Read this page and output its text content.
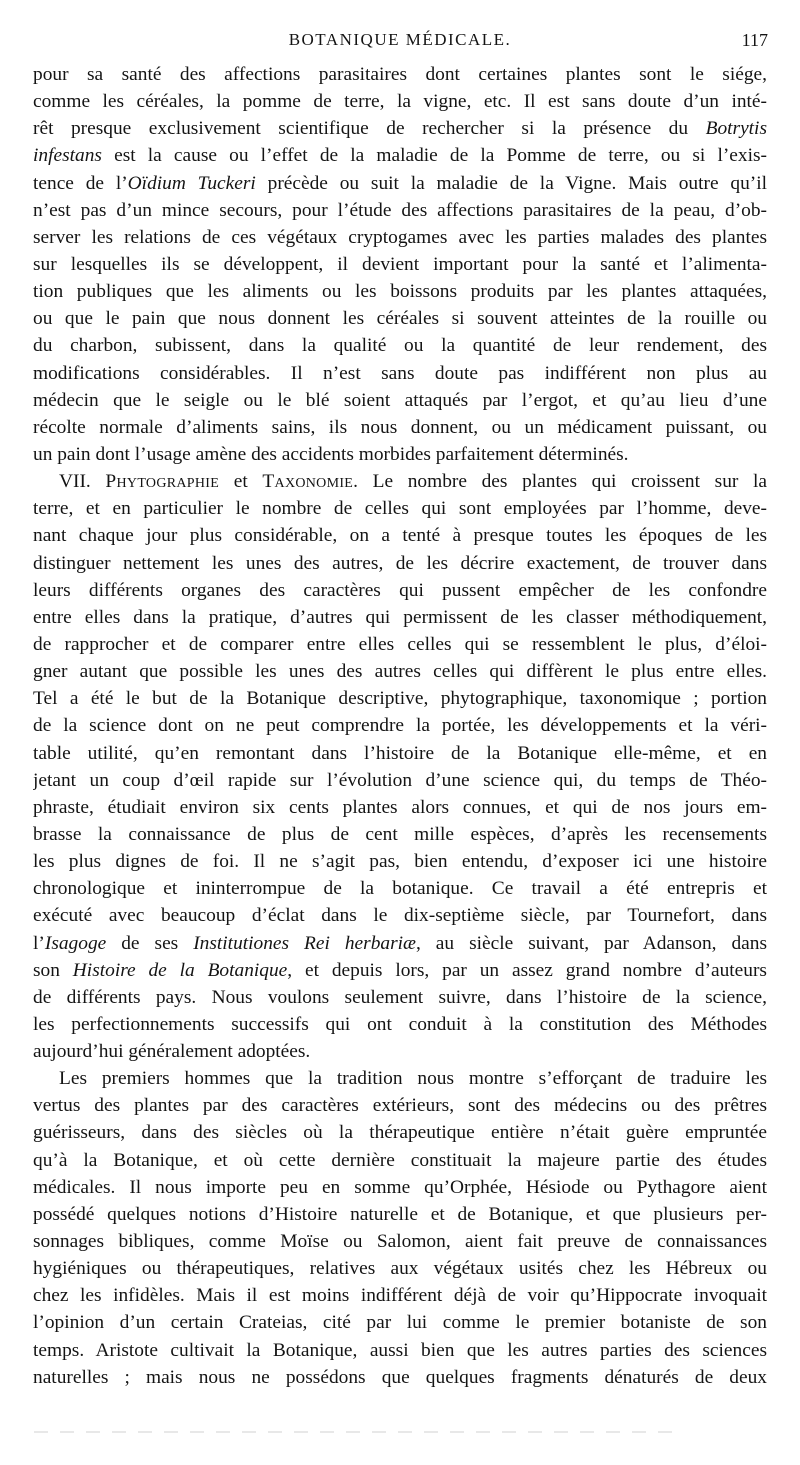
BOTANIQUE MÉDICALE.	117
pour sa santé des affections parasitaires dont certaines plantes sont le siége,
comme les céréales, la pomme de terre, la vigne, etc. Il est sans doute d’un inté-
rêt presque exclusivement scientifique de rechercher si la présence du Botrytis
infestans est la cause ou l’effet de la maladie de la Pomme de terre, ou si l’exis-
tence de l’Oïdium Tuckeri précède ou suit la maladie de la Vigne. Mais outre qu’il
n’est pas d’un mince secours, pour l’étude des affections parasitaires de la peau, d’ob-
server les relations de ces végétaux cryptogames avec les parties malades des plantes
sur lesquelles ils se développent, il devient important pour la santé et l’alimenta-
tion publiques que les aliments ou les boissons produits par les plantes attaquées,
ou que le pain que nous donnent les céréales si souvent atteintes de la rouille ou
du charbon, subissent, dans la qualité ou la quantité de leur rendement, des
modifications considérables. Il n’est sans doute pas indifférent non plus au
médecin que le seigle ou le blé soient attaqués par l’ergot, et qu’au lieu d’une
récolte normale d’aliments sains, ils nous donnent, ou un médicament puissant, ou
un pain dont l’usage amène des accidents morbides parfaitement déterminés.
VII. Phytographie et Taxonomie. Le nombre des plantes qui croissent sur la
terre, et en particulier le nombre de celles qui sont employées par l’homme, deve-
nant chaque jour plus considérable, on a tenté à presque toutes les époques de les
distinguer nettement les unes des autres, de les décrire exactement, de trouver dans
leurs différents organes des caractères qui pussent empêcher de les confondre
entre elles dans la pratique, d’autres qui permissent de les classer méthodiquement,
de rapprocher et de comparer entre elles celles qui se ressemblent le plus, d’éloi-
gner autant que possible les unes des autres celles qui diffèrent le plus entre elles.
Tel a été le but de la Botanique descriptive, phytographique, taxonomique ; portion
de la science dont on ne peut comprendre la portée, les développements et la véri-
table utilité, qu’en remontant dans l’histoire de la Botanique elle-même, et en
jetant un coup d’œil rapide sur l’évolution d’une science qui, du temps de Théo-
phraste, étudiait environ six cents plantes alors connues, et qui de nos jours em-
brasse la connaissance de plus de cent mille espèces, d’après les recensements
les plus dignes de foi. Il ne s’agit pas, bien entendu, d’exposer ici une histoire
chronologique et ininterrompue de la botanique. Ce travail a été entrepris et
exécuté avec beaucoup d’éclat dans le dix-septième siècle, par Tournefort, dans
l’Isagoge de ses Institutiones Rei herbariæ, au siècle suivant, par Adanson, dans
son Histoire de la Botanique, et depuis lors, par un assez grand nombre d’auteurs
de différents pays. Nous voulons seulement suivre, dans l’histoire de la science,
les perfectionnements successifs qui ont conduit à la constitution des Méthodes
aujourd’hui généralement adoptées.
Les premiers hommes que la tradition nous montre s’efforçant de traduire les
vertus des plantes par des caractères extérieurs, sont des médecins ou des prêtres
guérisseurs, dans des siècles où la thérapeutique entière n’était guère empruntée
qu’à la Botanique, et où cette dernière constituait la majeure partie des études
médicales. Il nous importe peu en somme qu’Orphée, Hésiode ou Pythagore aient
possédé quelques notions d’Histoire naturelle et de Botanique, et que plusieurs per-
sonnages bibliques, comme Moïse ou Salomon, aient fait preuve de connaissances
hygiéniques ou thérapeutiques, relatives aux végétaux usités chez les Hébreux ou
chez les infidèles. Mais il est moins indifférent déjà de voir qu’Hippocrate invoquait
l’opinion d’un certain Crateias, cité par lui comme le premier botaniste de son
temps. Aristote cultivait la Botanique, aussi bien que les autres parties des sciences
naturelles ; mais nous ne possédons que quelques fragments dénaturés de deux
